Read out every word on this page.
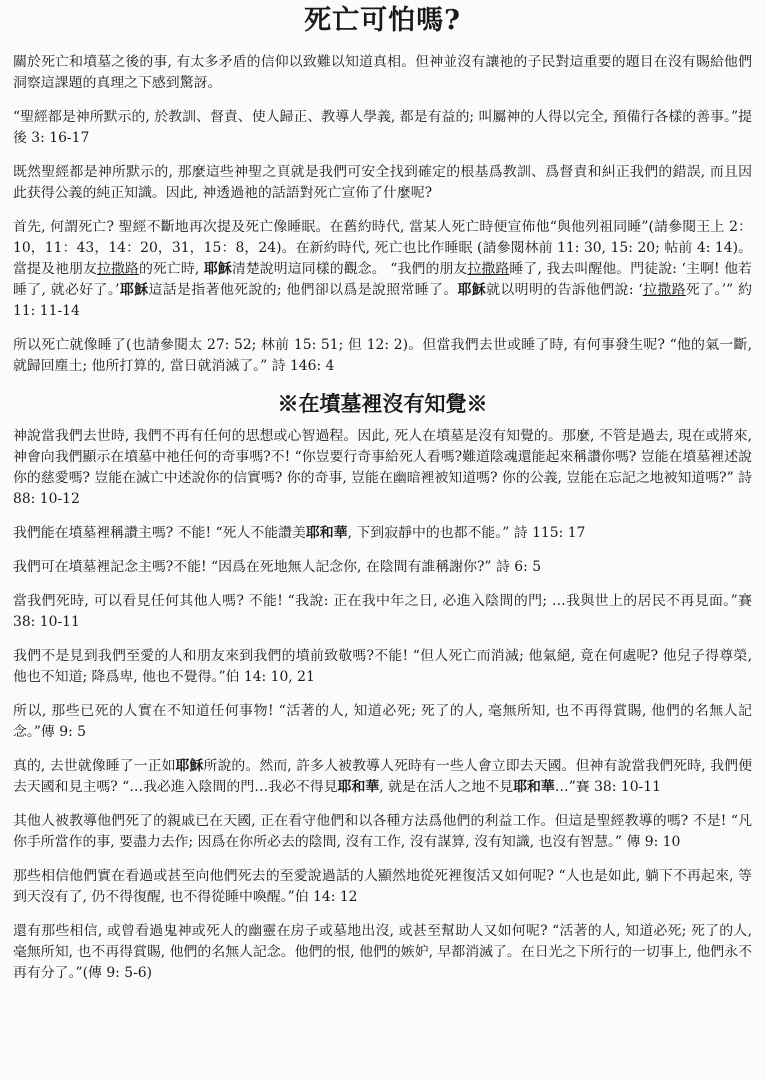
死亡可怕嗎?

關於死亡和墳墓之後的事, 有太多矛盾的信仰以致難以知道真相。但神並沒有讓祂的子民對這重要的題目在沒有賜給他們洞察這課題的真理之下感到驚訝。

“聖經都是神所默示的, 於教訓、督責、使人歸正、教導人學義, 都是有益的; 叫屬神的人得以完全, 預備行各樣的善事。”提後 3: 16-17

既然聖經都是神所默示的, 那麼這些神聖之頁就是我們可安全找到確定的根基爲教訓、爲督責和糾正我們的錯誤, 而且因此获得公義的純正知識。因此, 神透過祂的話語對死亡宣佈了什麼呢?

首先, 何謂死亡? 聖經不斷地再次提及死亡像睡眠。在舊約時代, 當某人死亡時便宣佈他“與他列祖同睡”(請參閱王上 2：10，11：43，14：20，31，15：8，24)。在新約時代, 死亡也比作睡眠 (請參閱林前 11: 30, 15: 20; 帖前 4: 14)。當提及祂朋友拉撒路的死亡時, 耶穌清楚說明這同樣的觀念。 “我們的朋友拉撒路睡了, 我去叫醒他。門徒說: ‘主啊! 他若睡了, 就必好了。’耶穌這話是指著他死說的; 他們卻以爲是說照常睡了。耶穌就以明明的告訴他們說: ‘拉撒路死了。’” 約 11: 11-14

所以死亡就像睡了(也請參閱太 27: 52; 林前 15: 51; 但 12: 2)。但當我們去世或睡了時, 有何事發生呢? “他的氣一斷, 就歸回塵土; 他所打算的, 當日就消滅了。” 詩 146: 4

※在墳墓裡沒有知覺※

神說當我們去世時, 我們不再有任何的思想或心智過程。因此, 死人在墳墓是沒有知覺的。那麼, 不管是過去, 現在或將來, 神會向我們顯示在墳墓中祂任何的奇事嗎?不! “你豈要行奇事給死人看嗎?難道陰魂還能起來稱讚你嗎? 豈能在墳墓裡述說你的慈愛嗎? 豈能在滅亡中述說你的信實嗎? 你的奇事, 豈能在幽暗裡被知道嗎? 你的公義, 豈能在忘記之地被知道嗎?” 詩 88: 10-12

我們能在墳墓裡稱讚主嗎? 不能! “死人不能讚美耶和華, 下到寂靜中的也都不能。” 詩 115: 17

我們可在墳墓裡記念主嗎?不能! “因爲在死地無人記念你, 在陰間有誰稱謝你?” 詩 6: 5

當我們死時, 可以看見任何其他人嗎? 不能! “我說: 正在我中年之日, 必進入陰間的門; …我與世上的居民不再見面。”賽 38: 10-11

我們不是見到我們至愛的人和朋友來到我們的墳前致敬嗎?不能! “但人死亡而消滅; 他氣絕, 竟在何處呢? 他兒子得尊榮, 他也不知道; 降爲卑, 他也不覺得。”伯 14: 10, 21

所以, 那些已死的人實在不知道任何事物! “活著的人, 知道必死; 死了的人, 毫無所知, 也不再得賞賜, 他們的名無人記念。”傳 9: 5

真的, 去世就像睡了一正如耶穌所說的。然而, 許多人被教導人死時有一些人會立即去天國。但神有說當我們死時, 我們便去天國和見主嗎? “…我必進入陰間的門…我必不得見耶和華, 就是在活人之地不見耶和華…”賽 38: 10-11

其他人被教導他們死了的親戚已在天國, 正在看守他們和以各種方法爲他們的利益工作。但這是聖經教導的嗎? 不是! “凡你手所當作的事, 要盡力去作; 因爲在你所必去的陰間, 沒有工作, 沒有謀算, 沒有知識, 也沒有智慧。” 傳 9: 10

那些相信他們實在看過或甚至向他們死去的至愛說過話的人顯然地從死裡復活又如何呢? “人也是如此, 躺下不再起來, 等到天沒有了, 仍不得復醒, 也不得從睡中喚醒。”伯 14: 12

還有那些相信, 或曾看過鬼神或死人的幽靈在房子或墓地出沒, 或甚至幫助人又如何呢? “活著的人, 知道必死; 死了的人, 毫無所知, 也不再得賞賜, 他們的名無人記念。他們的恨, 他們的嫉妒, 早都消滅了。在日光之下所行的一切事上, 他們永不再有分了。”(傳 9: 5-6)
